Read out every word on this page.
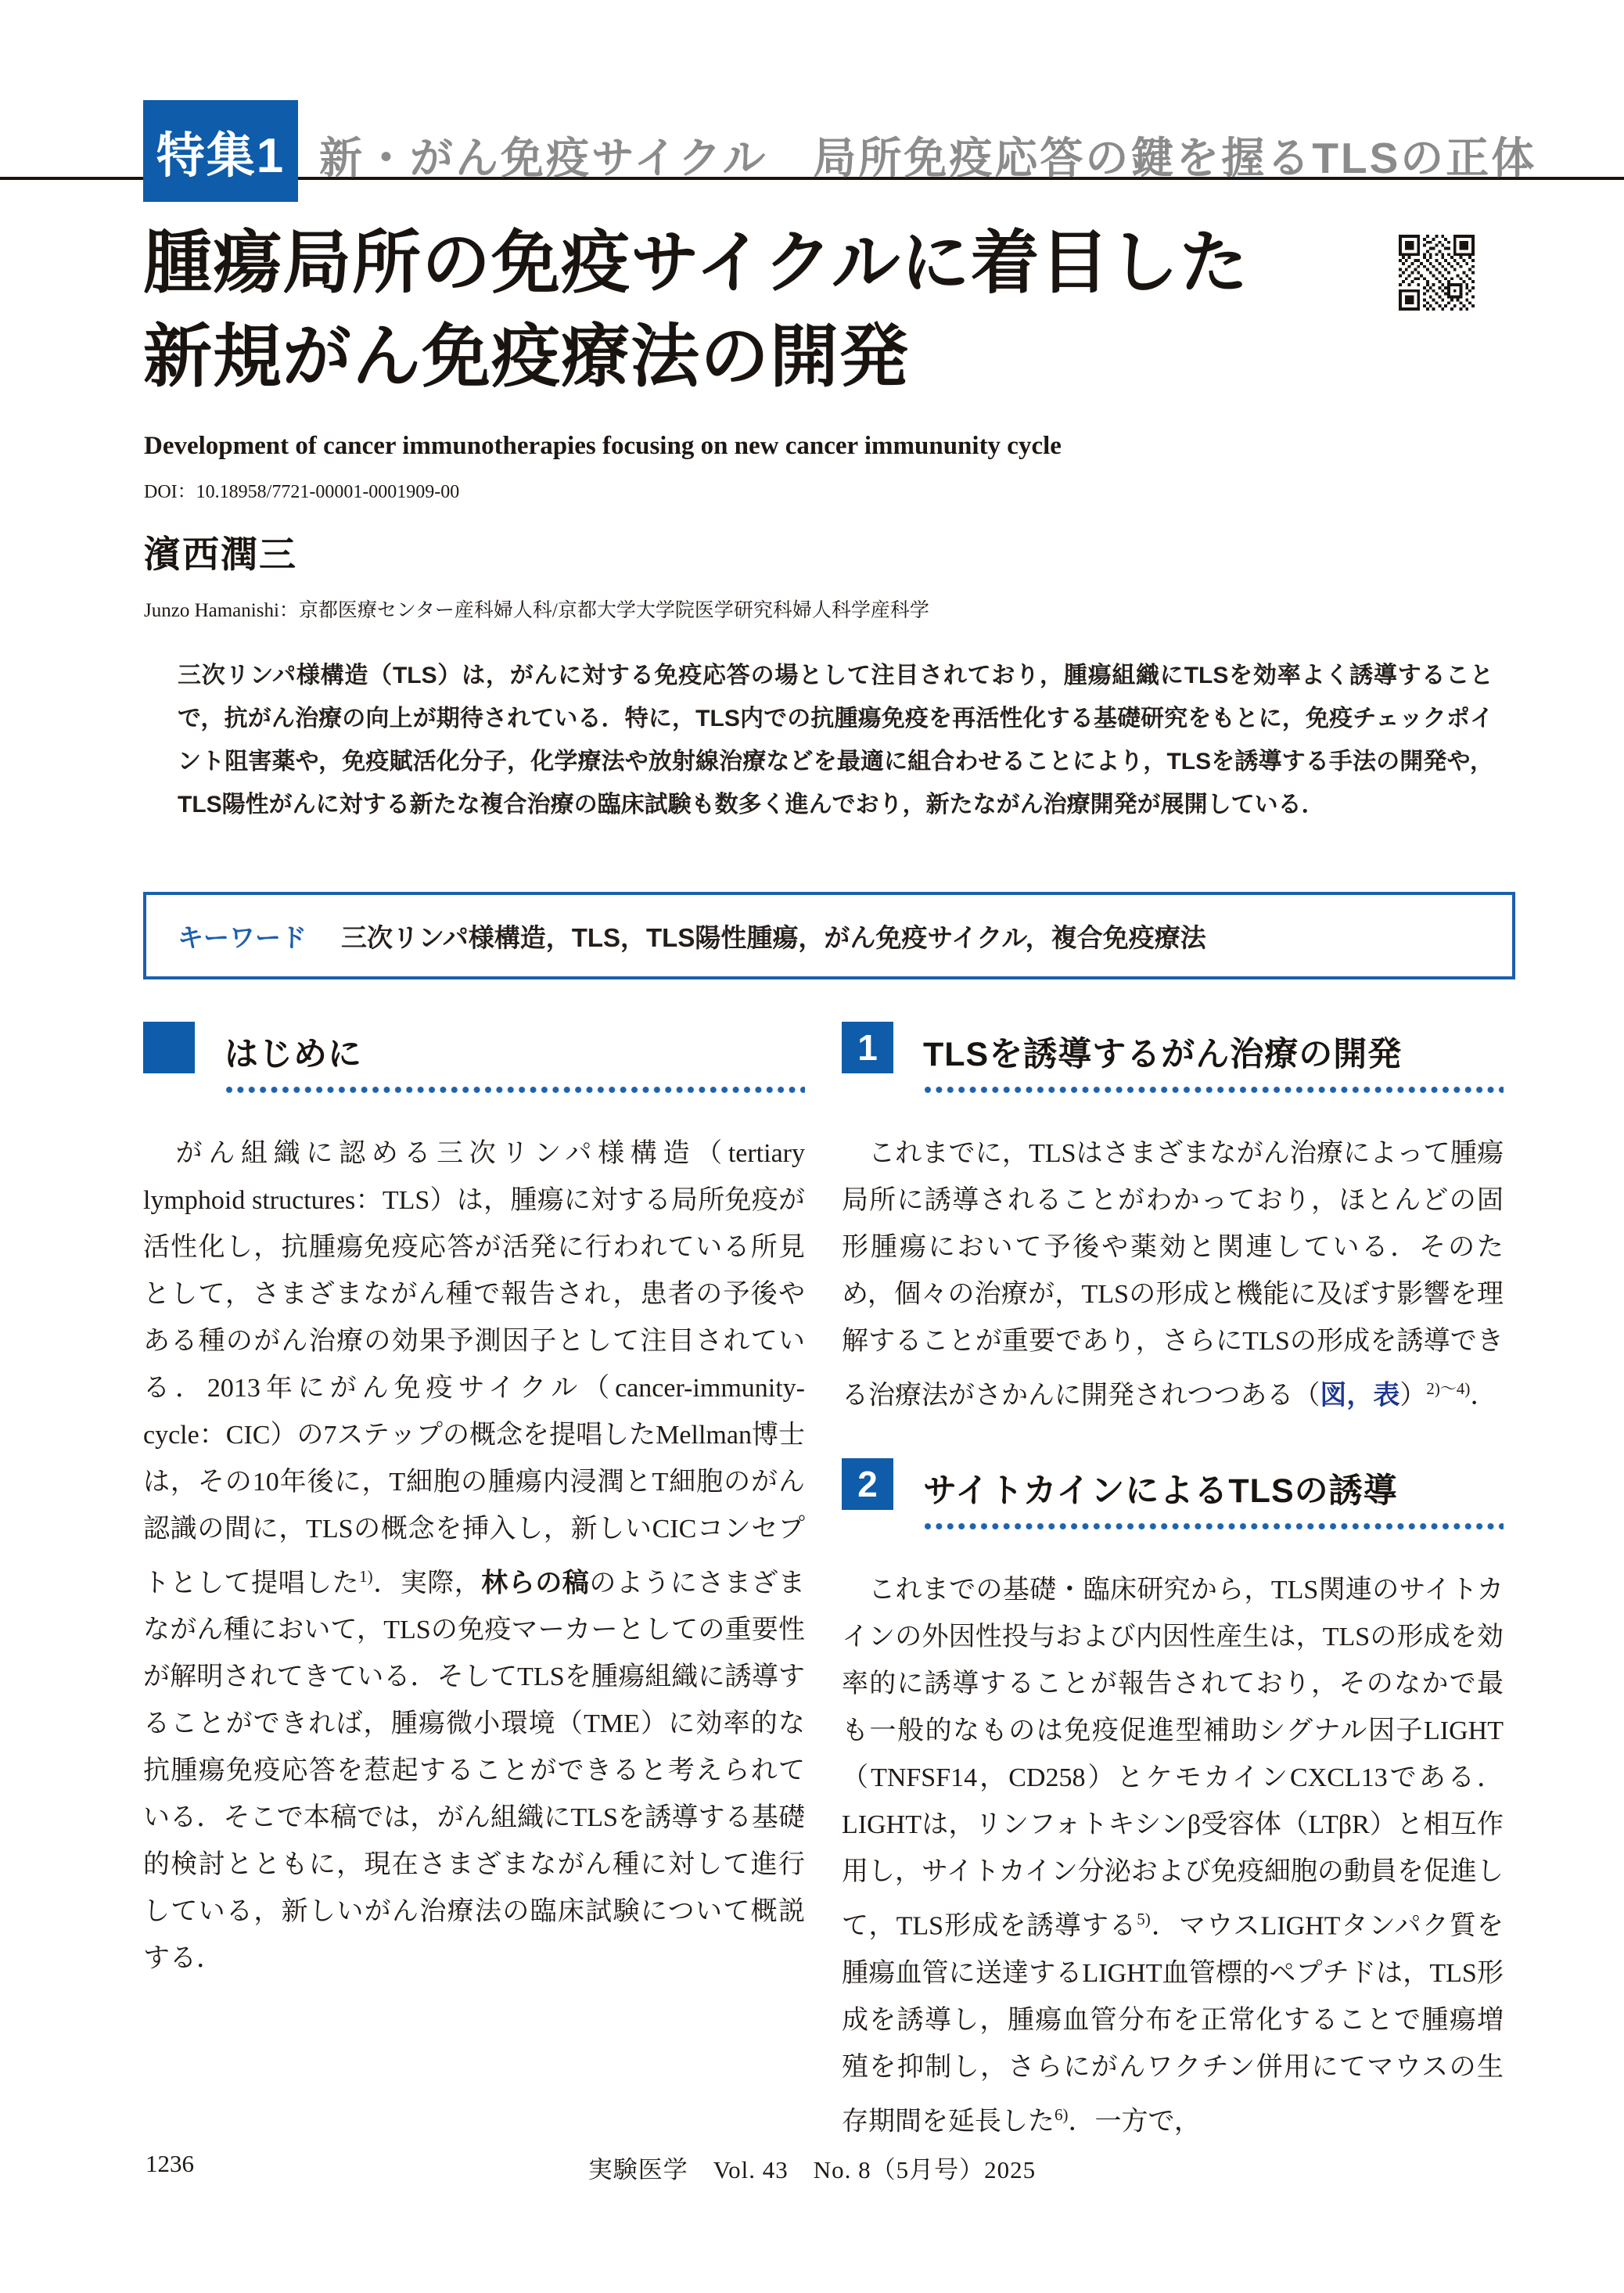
特集1 新・がん免疫サイクル　局所免疫応答の鍵を握るTLSの正体
腫瘍局所の免疫サイクルに着目した
新規がん免疫療法の開発
Development of cancer immunotherapies focusing on new cancer immununity cycle
DOI：10.18958/7721-00001-0001909-00
濱西潤三
Junzo Hamanishi：京都医療センター産科婦人科/京都大学大学院医学研究科婦人科学産科学

三次リンパ様構造（TLS）は，がんに対する免疫応答の場として注目されており，腫瘍組織にTLSを効率よく誘導することで，抗がん治療の向上が期待されている．特に，TLS内での抗腫瘍免疫を再活性化する基礎研究をもとに，免疫チェックポイント阻害薬や，免疫賦活化分子，化学療法や放射線治療などを最適に組合わせることにより，TLSを誘導する手法の開発や，TLS陽性がんに対する新たな複合治療の臨床試験も数多く進んでおり，新たながん治療開発が展開している．

キーワード 三次リンパ様構造，TLS，TLS陽性腫瘍，がん免疫サイクル，複合免疫療法
はじめに

　がん組織に認める三次リンパ様構造（tertiary lymphoid structures：TLS）は，腫瘍に対する局所免疫が活性化し，抗腫瘍免疫応答が活発に行われている所見として，さまざまながん種で報告され，患者の予後やある種のがん治療の効果予測因子として注目されている．2013年にがん免疫サイクル（cancer-immunity-cycle：CIC）の7ステップの概念を提唱したMellman博士は，その10年後に，T細胞の腫瘍内浸潤とT細胞のがん認識の間に，TLSの概念を挿入し，新しいCICコンセプトとして提唱した$^{1)}$．実際，林らの稿のようにさまざまながん種において，TLSの免疫マーカーとしての重要性が解明されてきている．そしてTLSを腫瘍組織に誘導することができれば，腫瘍微小環境（TME）に効率的な抗腫瘍免疫応答を惹起することができると考えられている．そこで本稿では，がん組織にTLSを誘導する基礎的検討とともに，現在さまざまながん種に対して進行している，新しいがん治療法の臨床試験について概説する．

1	TLSを誘導するがん治療の開発

　これまでに，TLSはさまざまながん治療によって腫瘍局所に誘導されることがわかっており，ほとんどの固形腫瘍において予後や薬効と関連している．そのため，個々の治療が，TLSの形成と機能に及ぼす影響を理解することが重要であり，さらにTLSの形成を誘導できる治療法がさかんに開発されつつある（図，表）$^{2)\sim 4)}$．

2	サイトカインによるTLSの誘導

　これまでの基礎・臨床研究から，TLS関連のサイトカインの外因性投与および内因性産生は，TLSの形成を効率的に誘導することが報告されており，そのなかで最も一般的なものは免疫促進型補助シグナル因子LIGHT（TNFSF14，CD258）とケモカインCXCL13である．LIGHTは，リンフォトキシンβ受容体（LTβR）と相互作用し，サイトカイン分泌および免疫細胞の動員を促進して，TLS形成を誘導する$^{5)}$．マウスLIGHTタンパク質を腫瘍血管に送達するLIGHT血管標的ペプチドは，TLS形成を誘導し，腫瘍血管分布を正常化することで腫瘍増殖を抑制し，さらにがんワクチン併用にてマウスの生存期間を延長した$^{6)}$．一方で，

1236	実験医学　Vol. 43　No. 8（5月号）2025
